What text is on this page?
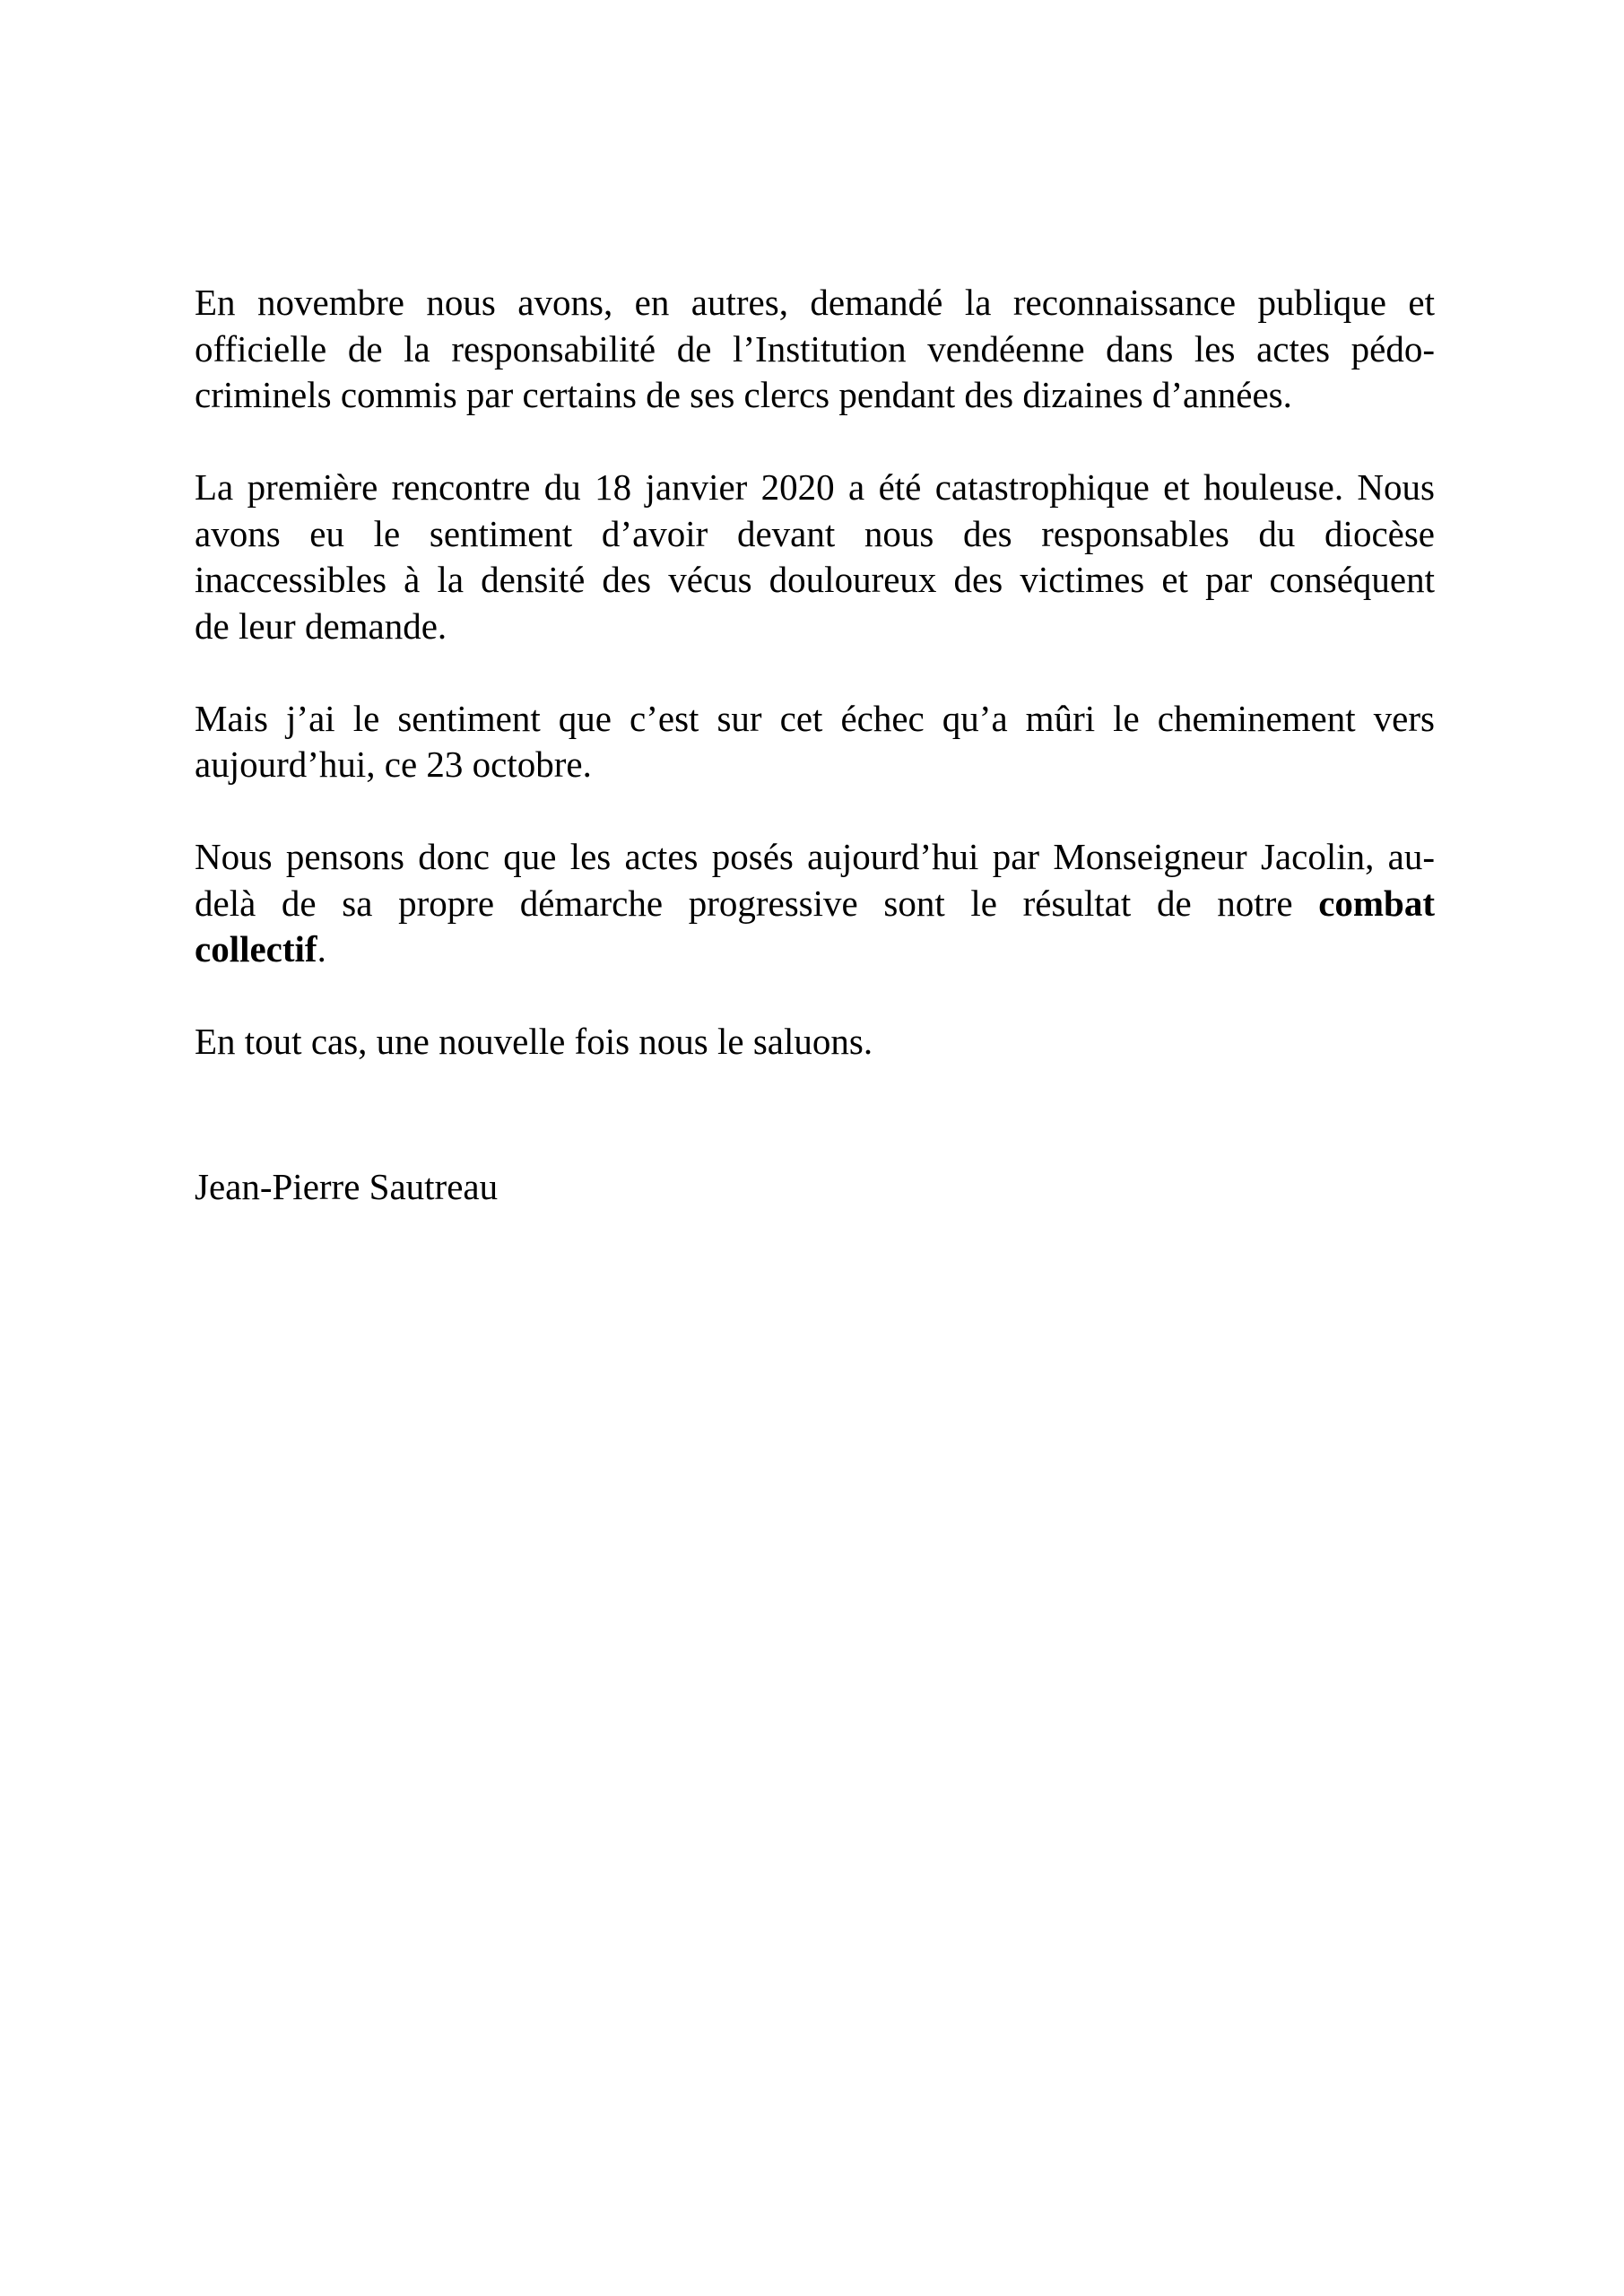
En novembre nous avons, en autres, demandé la reconnaissance publique et
officielle de la responsabilité de l’Institution vendéenne dans les actes pédo-
criminels commis par certains de ses clercs pendant des dizaines d’années.

La première rencontre du 18 janvier 2020 a été catastrophique et houleuse. Nous
avons eu le sentiment d’avoir devant nous des responsables du diocèse
inaccessibles à la densité des vécus douloureux des victimes et par conséquent
de leur demande.

Mais j’ai le sentiment que c’est sur cet échec qu’a mûri le cheminement vers
aujourd’hui, ce 23 octobre.

Nous pensons donc que les actes posés aujourd’hui par Monseigneur Jacolin, au-
delà de sa propre démarche progressive sont le résultat de notre combat
collectif.

En tout cas, une nouvelle fois nous le saluons.

Jean-Pierre Sautreau
